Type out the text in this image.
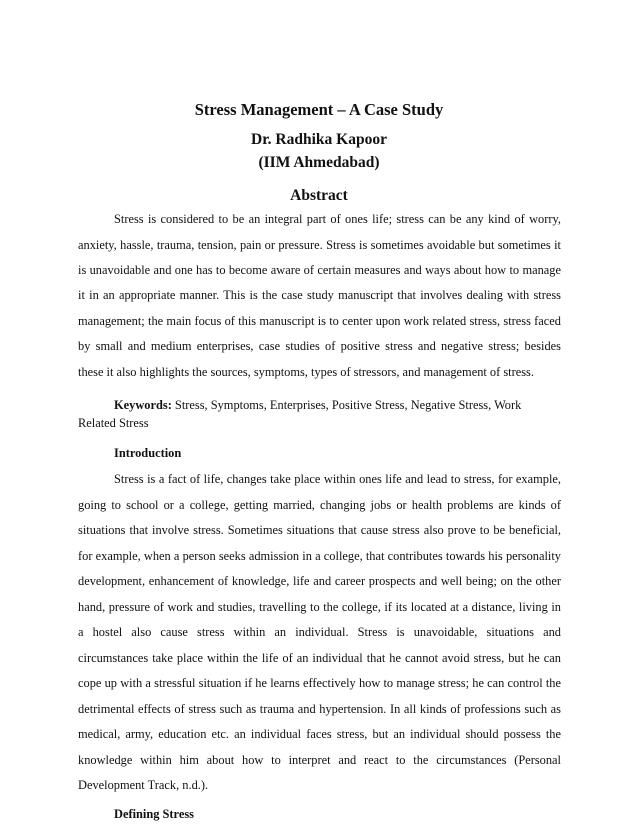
Stress Management – A Case Study
Dr. Radhika Kapoor
(IIM Ahmedabad)
Abstract
Stress is considered to be an integral part of ones life; stress can be any kind of worry,
anxiety, hassle, trauma, tension, pain or pressure. Stress is sometimes avoidable but sometimes it
is unavoidable and one has to become aware of certain measures and ways about how to manage
it in an appropriate manner. This is the case study manuscript that involves dealing with stress
management; the main focus of this manuscript is to center upon work related stress, stress faced
by small and medium enterprises, case studies of positive stress and negative stress; besides
these it also highlights the sources, symptoms, types of stressors, and management of stress.
Keywords: Stress, Symptoms, Enterprises, Positive Stress, Negative Stress, Work
Related Stress
Introduction
Stress is a fact of life, changes take place within ones life and lead to stress, for example,
going to school or a college, getting married, changing jobs or health problems are kinds of
situations that involve stress. Sometimes situations that cause stress also prove to be beneficial,
for example, when a person seeks admission in a college, that contributes towards his personality
development, enhancement of knowledge, life and career prospects and well being; on the other
hand, pressure of work and studies, travelling to the college, if its located at a distance, living in
a hostel also cause stress within an individual. Stress is unavoidable, situations and
circumstances take place within the life of an individual that he cannot avoid stress, but he can
cope up with a stressful situation if he learns effectively how to manage stress; he can control the
detrimental effects of stress such as trauma and hypertension. In all kinds of professions such as
medical, army, education etc. an individual faces stress, but an individual should possess the
knowledge within him about how to interpret and react to the circumstances (Personal
Development Track, n.d.).
Defining Stress
